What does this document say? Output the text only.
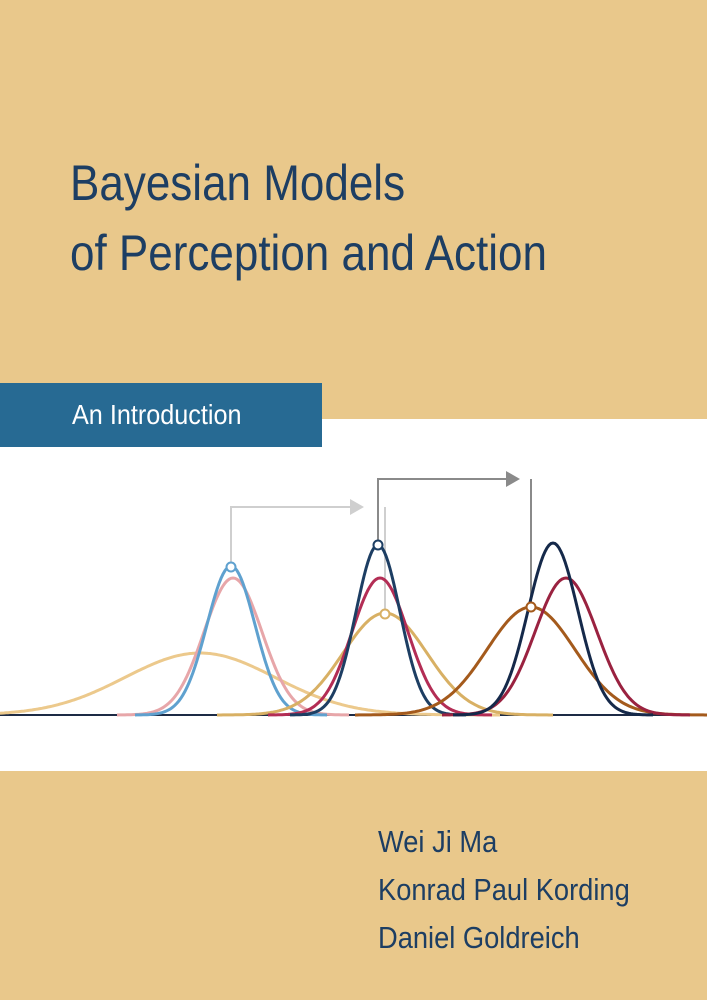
Bayesian Models
of Perception and Action
An Introduction
Wei Ji Ma
Konrad Paul Kording
Daniel Goldreich
